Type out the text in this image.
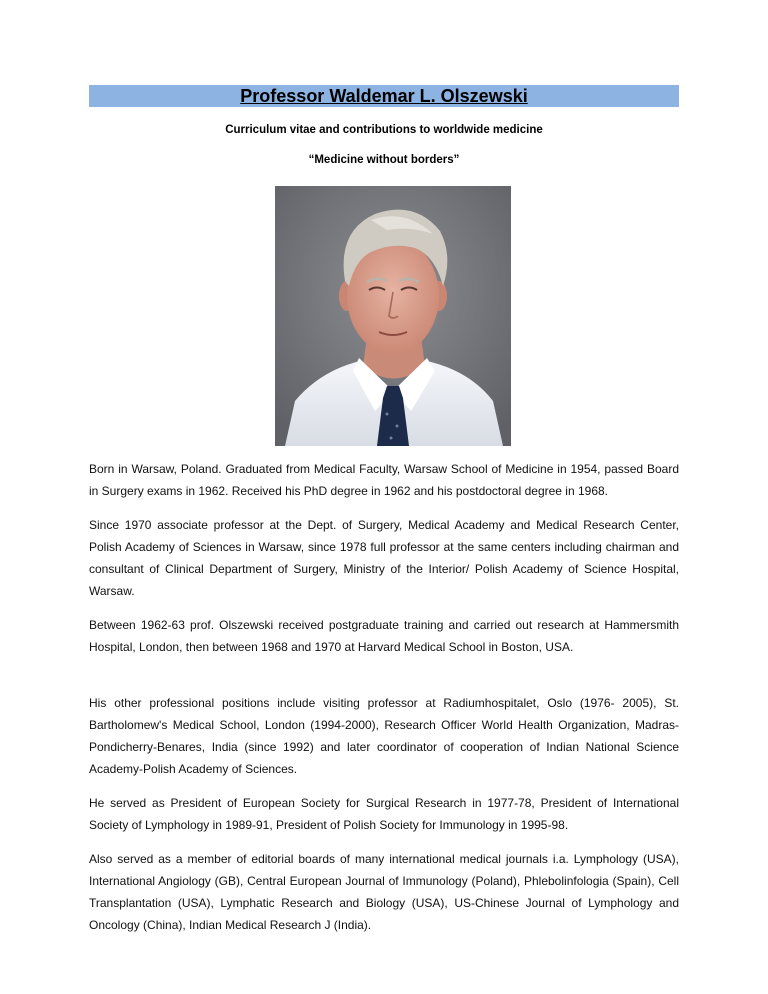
Professor Waldemar L. Olszewski
Curriculum vitae and contributions to worldwide medicine
“Medicine without borders”

Born in Warsaw, Poland. Graduated from Medical Faculty, Warsaw School of Medicine in 1954, passed Board in Surgery exams in 1962. Received his PhD degree in 1962 and his postdoctoral degree in 1968.

Since 1970 associate professor at the Dept. of Surgery, Medical Academy and Medical Research Center, Polish Academy of Sciences in Warsaw, since 1978 full professor at the same centers including chairman and consultant of Clinical Department of Surgery, Ministry of the Interior/ Polish Academy of Science Hospital, Warsaw.

Between 1962-63 prof. Olszewski received postgraduate training and carried out research at Hammersmith Hospital, London, then between 1968 and 1970 at Harvard Medical School in Boston, USA.

His other professional positions include visiting professor at Radiumhospitalet, Oslo (1976- 2005), St. Bartholomew's Medical School, London (1994-2000), Research Officer World Health Organization, Madras-Pondicherry-Benares, India (since 1992) and later coordinator of cooperation of Indian National Science Academy-Polish Academy of Sciences.

He served as President of European Society for Surgical Research in 1977-78, President of International Society of Lymphology in 1989-91, President of Polish Society for Immunology in 1995-98.

Also served as a member of editorial boards of many international medical journals i.a. Lymphology (USA), International Angiology (GB), Central European Journal of Immunology (Poland), Phlebolinfologia (Spain), Cell Transplantation (USA), Lymphatic Research and Biology (USA), US-Chinese Journal of Lymphology and Oncology (China), Indian Medical Research J (India).
